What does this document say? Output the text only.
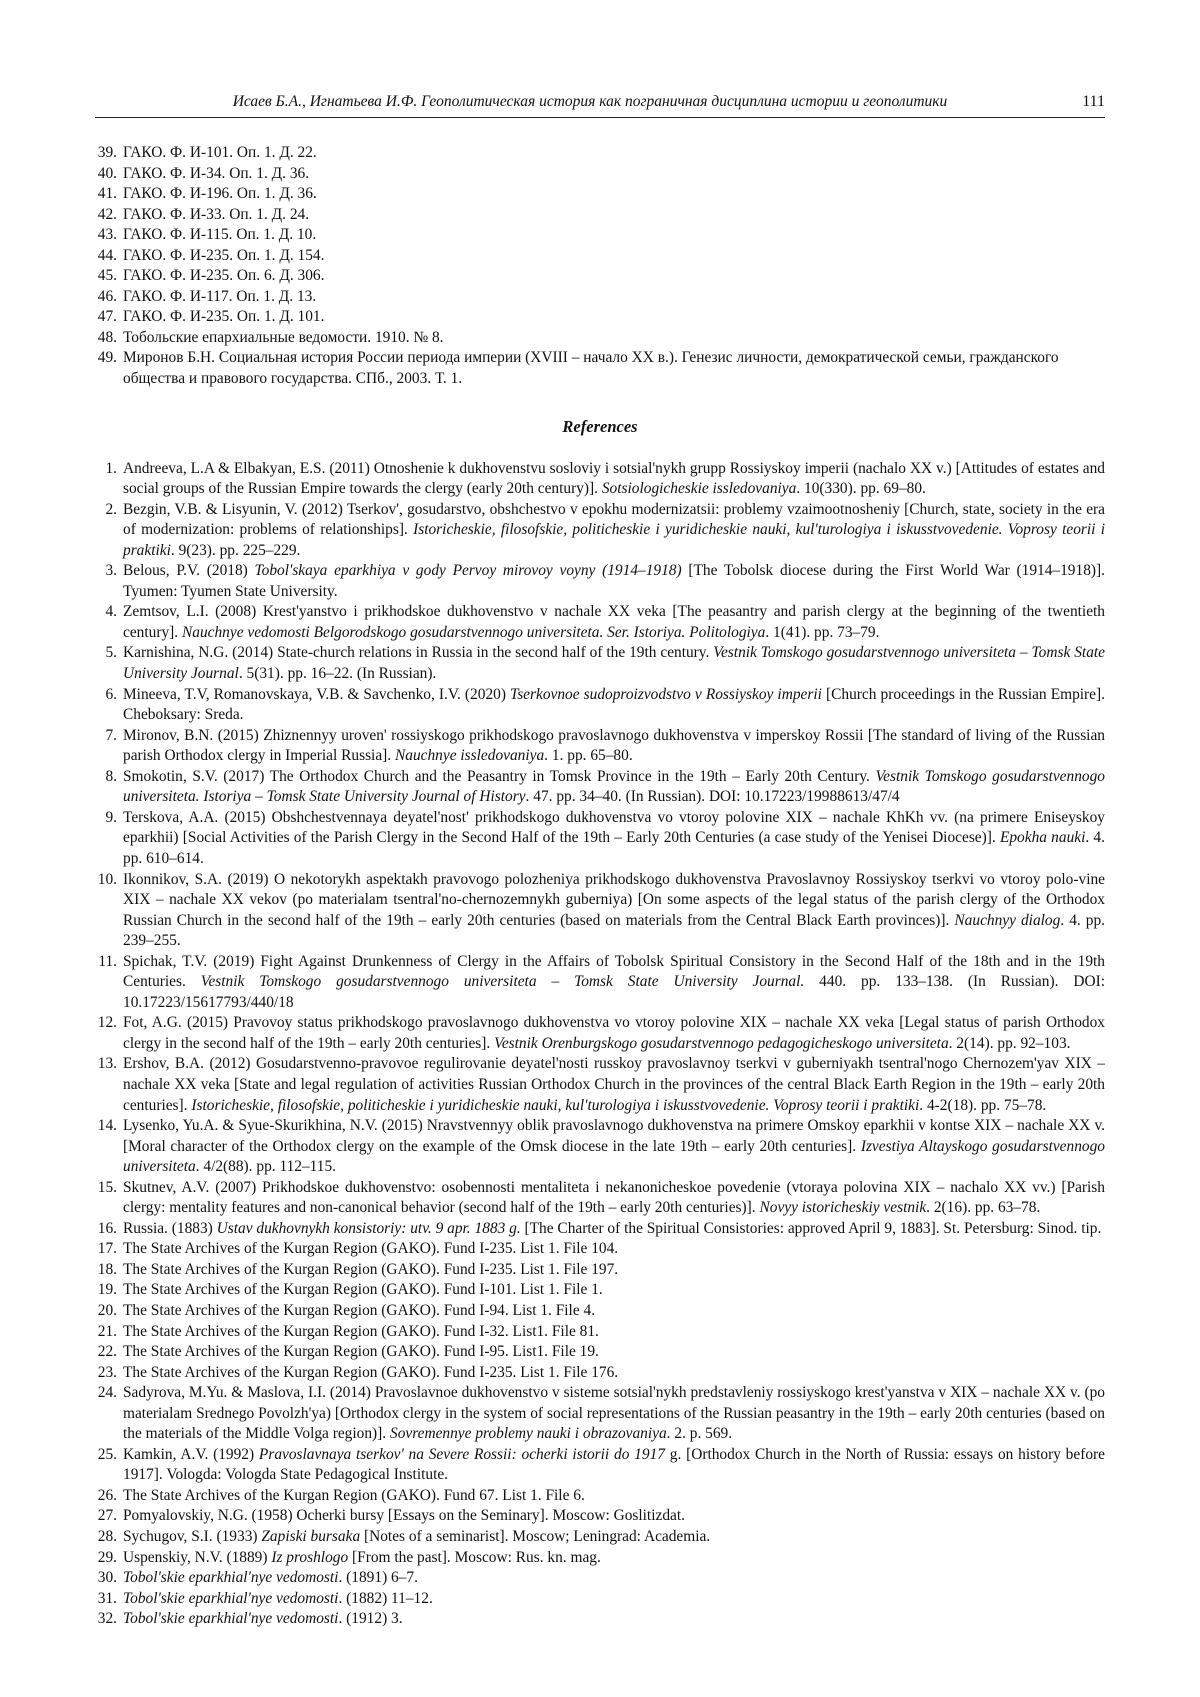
Исаев Б.А., Игнатьева И.Ф. Геополитическая история как пограничная дисциплина истории и геополитики	111
39. ГАКО. Ф. И-101. Оп. 1. Д. 22.
40. ГАКО. Ф. И-34. Оп. 1. Д. 36.
41. ГАКО. Ф. И-196. Оп. 1. Д. 36.
42. ГАКО. Ф. И-33. Оп. 1. Д. 24.
43. ГАКО. Ф. И-115. Оп. 1. Д. 10.
44. ГАКО. Ф. И-235. Оп. 1. Д. 154.
45. ГАКО. Ф. И-235. Оп. 6. Д. 306.
46. ГАКО. Ф. И-117. Оп. 1. Д. 13.
47. ГАКО. Ф. И-235. Оп. 1. Д. 101.
48. Тобольские епархиальные ведомости. 1910. № 8.
49. Миронов Б.Н. Социальная история России периода империи (XVIII – начало XX в.). Генезис личности, демократической семьи, гражданского общества и правового государства. СПб., 2003. Т. 1.
References
1. Andreeva, L.A & Elbakyan, E.S. (2011) Otnoshenie k dukhovenstvu sosloviy i sotsial'nykh grupp Rossiyskoy imperii (nachalo XX v.) [Attitudes of estates and social groups of the Russian Empire towards the clergy (early 20th century)]. Sotsiologicheskie issledovaniya. 10(330). pp. 69–80.
2. Bezgin, V.B. & Lisyunin, V. (2012) Tserkov', gosudarstvo, obshchestvo v epokhu modernizatsii: problemy vzaimootnosheniy [Church, state, society in the era of modernization: problems of relationships]. Istoricheskie, filosofskie, politicheskie i yuridicheskie nauki, kul'turologiya i iskusstvovedenie. Voprosy teorii i praktiki. 9(23). pp. 225–229.
3. Belous, P.V. (2018) Tobol'skaya eparkhiya v gody Pervoy mirovoy voyny (1914–1918) [The Tobolsk diocese during the First World War (1914–1918)]. Tyumen: Tyumen State University.
4. Zemtsov, L.I. (2008) Krest'yanstvo i prikhodskoe dukhovenstvo v nachale XX veka [The peasantry and parish clergy at the beginning of the twentieth century]. Nauchnye vedomosti Belgorodskogo gosudarstvennogo universiteta. Ser. Istoriya. Politologiya. 1(41). pp. 73–79.
5. Karnishina, N.G. (2014) State-church relations in Russia in the second half of the 19th century. Vestnik Tomskogo gosudarstvennogo universiteta – Tomsk State University Journal. 5(31). pp. 16–22. (In Russian).
6. Mineeva, T.V, Romanovskaya, V.B. & Savchenko, I.V. (2020) Tserkovnoe sudoproizvodstvo v Rossiyskoy imperii [Church proceedings in the Russian Empire]. Cheboksary: Sreda.
7. Mironov, B.N. (2015) Zhiznennyy uroven' rossiyskogo prikhodskogo pravoslavnogo dukhovenstva v imperskoy Rossii [The standard of living of the Russian parish Orthodox clergy in Imperial Russia]. Nauchnye issledovaniya. 1. pp. 65–80.
8. Smokotin, S.V. (2017) The Orthodox Church and the Peasantry in Tomsk Province in the 19th – Early 20th Century. Vestnik Tomskogo gosudarstvennogo universiteta. Istoriya – Tomsk State University Journal of History. 47. pp. 34–40. (In Russian). DOI: 10.17223/19988613/47/4
9. Terskova, A.A. (2015) Obshchestvennaya deyatel'nost' prikhodskogo dukhovenstva vo vtoroy polovine XIX – nachale KhKh vv. (na primere Eniseyskoy eparkhii) [Social Activities of the Parish Clergy in the Second Half of the 19th – Early 20th Centuries (a case study of the Yenisei Diocese)]. Epokha nauki. 4. pp. 610–614.
10. Ikonnikov, S.A. (2019) O nekotorykh aspektakh pravovogo polozheniya prikhodskogo dukhovenstva Pravoslavnoy Rossiyskoy tserkvi vo vtoroy polo-vine XIX – nachale XX vekov (po materialam tsentral'no-chernozemnykh guberniya) [On some aspects of the legal status of the parish clergy of the Orthodox Russian Church in the second half of the 19th – early 20th centuries (based on materials from the Central Black Earth provinces)]. Nauchnyy dialog. 4. pp. 239–255.
11. Spichak, T.V. (2019) Fight Against Drunkenness of Clergy in the Affairs of Tobolsk Spiritual Consistory in the Second Half of the 18th and in the 19th Centuries. Vestnik Tomskogo gosudarstvennogo universiteta – Tomsk State University Journal. 440. pp. 133–138. (In Russian). DOI: 10.17223/15617793/440/18
12. Fot, A.G. (2015) Pravovoy status prikhodskogo pravoslavnogo dukhovenstva vo vtoroy polovine XIX – nachale XX veka [Legal status of parish Orthodox clergy in the second half of the 19th – early 20th centuries]. Vestnik Orenburgskogo gosudarstvennogo pedagogicheskogo universiteta. 2(14). pp. 92–103.
13. Ershov, B.A. (2012) Gosudarstvenno-pravovoe regulirovanie deyatel'nosti russkoy pravoslavnoy tserkvi v guberniyakh tsentral'nogo Chernozem'yav XIX – nachale XX veka [State and legal regulation of activities Russian Orthodox Church in the provinces of the central Black Earth Region in the 19th – early 20th centuries]. Istoricheskie, filosofskie, politicheskie i yuridicheskie nauki, kul'turologiya i iskusstvovedenie. Voprosy teorii i praktiki. 4-2(18). pp. 75–78.
14. Lysenko, Yu.A. & Syue-Skurikhina, N.V. (2015) Nravstvennyy oblik pravoslavnogo dukhovenstva na primere Omskoy eparkhii v kontse XIX – nachale XX v. [Moral character of the Orthodox clergy on the example of the Omsk diocese in the late 19th – early 20th centuries]. Izvestiya Altayskogo gosudarstvennogo universiteta. 4/2(88). pp. 112–115.
15. Skutnev, A.V. (2007) Prikhodskoe dukhovenstvo: osobennosti mentaliteta i nekanonicheskoe povedenie (vtoraya polovina XIX – nachalo XX vv.) [Parish clergy: mentality features and non-canonical behavior (second half of the 19th – early 20th centuries)]. Novyy istoricheskiy vestnik. 2(16). pp. 63–78.
16. Russia. (1883) Ustav dukhovnykh konsistoriy: utv. 9 apr. 1883 g. [The Charter of the Spiritual Consistories: approved April 9, 1883]. St. Petersburg: Sinod. tip.
17. The State Archives of the Kurgan Region (GAKO). Fund I-235. List 1. File 104.
18. The State Archives of the Kurgan Region (GAKO). Fund I-235. List 1. File 197.
19. The State Archives of the Kurgan Region (GAKO). Fund I-101. List 1. File 1.
20. The State Archives of the Kurgan Region (GAKO). Fund I-94. List 1. File 4.
21. The State Archives of the Kurgan Region (GAKO). Fund I-32. List1. File 81.
22. The State Archives of the Kurgan Region (GAKO). Fund I-95. List1. File 19.
23. The State Archives of the Kurgan Region (GAKO). Fund I-235. List 1. File 176.
24. Sadyrova, M.Yu. & Maslova, I.I. (2014) Pravoslavnoe dukhovenstvo v sisteme sotsial'nykh predstavleniy rossiyskogo krest'yanstva v XIX – nachale XX v. (po materialam Srednego Povolzh'ya) [Orthodox clergy in the system of social representations of the Russian peasantry in the 19th – early 20th centuries (based on the materials of the Middle Volga region)]. Sovremennye problemy nauki i obrazovaniya. 2. p. 569.
25. Kamkin, A.V. (1992) Pravoslavnaya tserkov' na Severe Rossii: ocherki istorii do 1917 g. [Orthodox Church in the North of Russia: essays on history before 1917]. Vologda: Vologda State Pedagogical Institute.
26. The State Archives of the Kurgan Region (GAKO). Fund 67. List 1. File 6.
27. Pomyalovskiy, N.G. (1958) Ocherki bursy [Essays on the Seminary]. Moscow: Goslitizdat.
28. Sychugov, S.I. (1933) Zapiski bursaka [Notes of a seminarist]. Moscow; Leningrad: Academia.
29. Uspenskiy, N.V. (1889) Iz proshlogo [From the past]. Moscow: Rus. kn. mag.
30. Tobol'skie eparkhial'nye vedomosti. (1891) 6–7.
31. Tobol'skie eparkhial'nye vedomosti. (1882) 11–12.
32. Tobol'skie eparkhial'nye vedomosti. (1912) 3.
